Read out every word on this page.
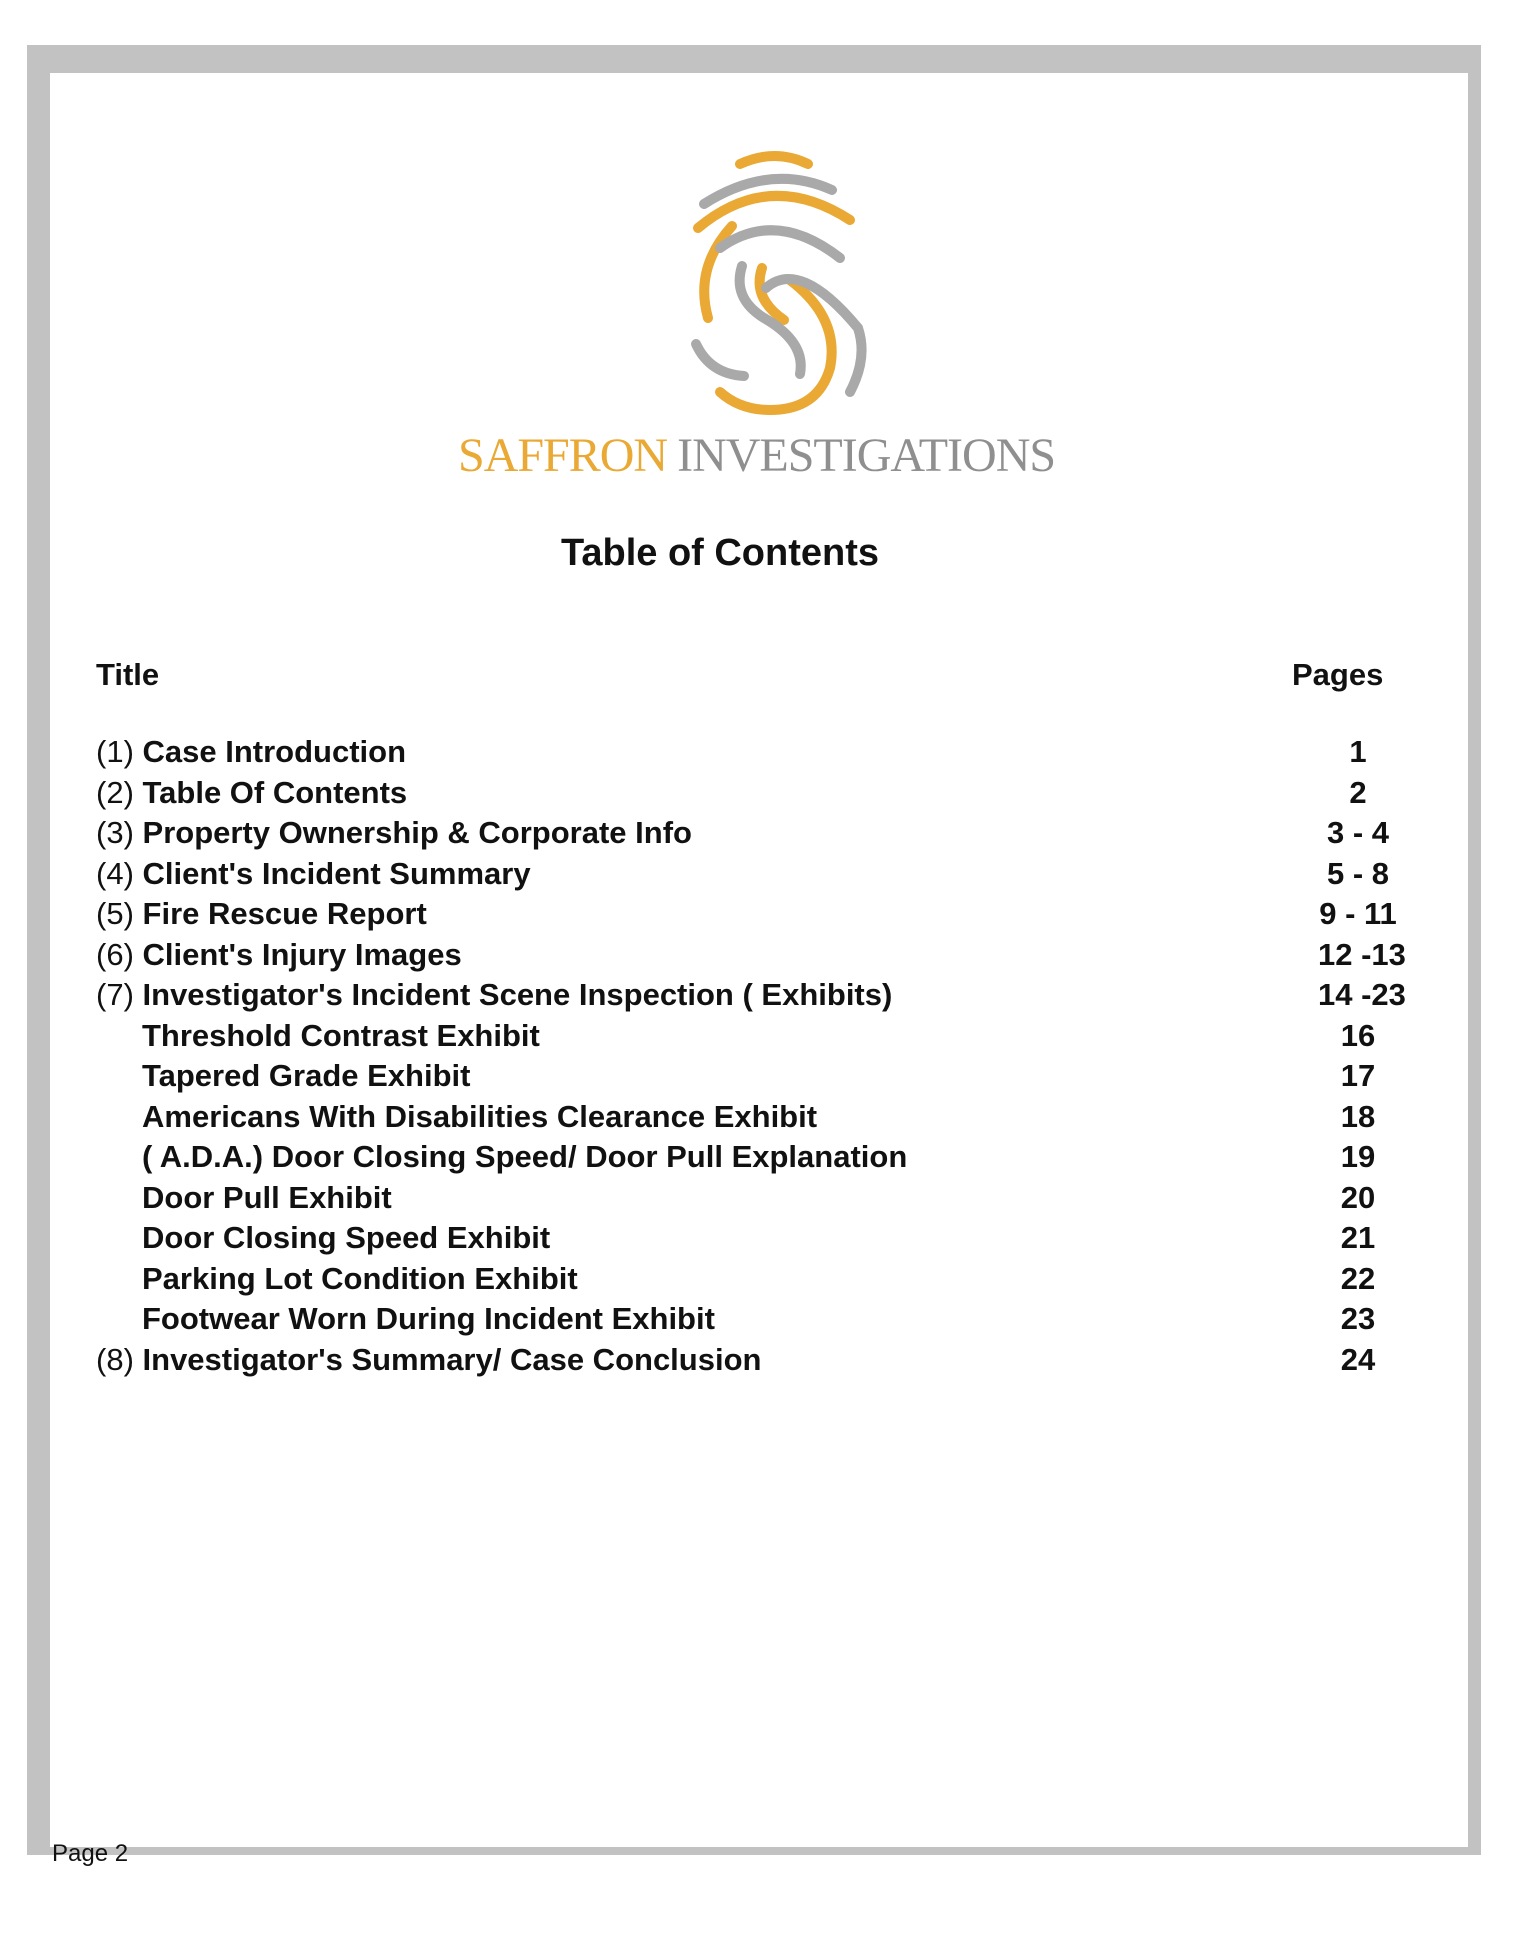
SAFFRON INVESTIGATIONS
Table of Contents
Title	Pages
(1) Case Introduction	1
(2) Table Of Contents	2
(3) Property Ownership & Corporate Info	3 - 4
(4) Client's Incident Summary	5 - 8
(5) Fire Rescue Report	9 - 11
(6) Client's Injury Images	12 -13
(7) Investigator's Incident Scene Inspection ( Exhibits)	14 -23
Threshold Contrast Exhibit	16
Tapered Grade Exhibit	17
Americans With Disabilities Clearance Exhibit	18
( A.D.A.) Door Closing Speed/ Door Pull Explanation	19
Door Pull Exhibit	20
Door Closing Speed Exhibit	21
Parking Lot Condition Exhibit	22
Footwear Worn During Incident Exhibit	23
(8) Investigator's Summary/ Case Conclusion	24
Page 2
